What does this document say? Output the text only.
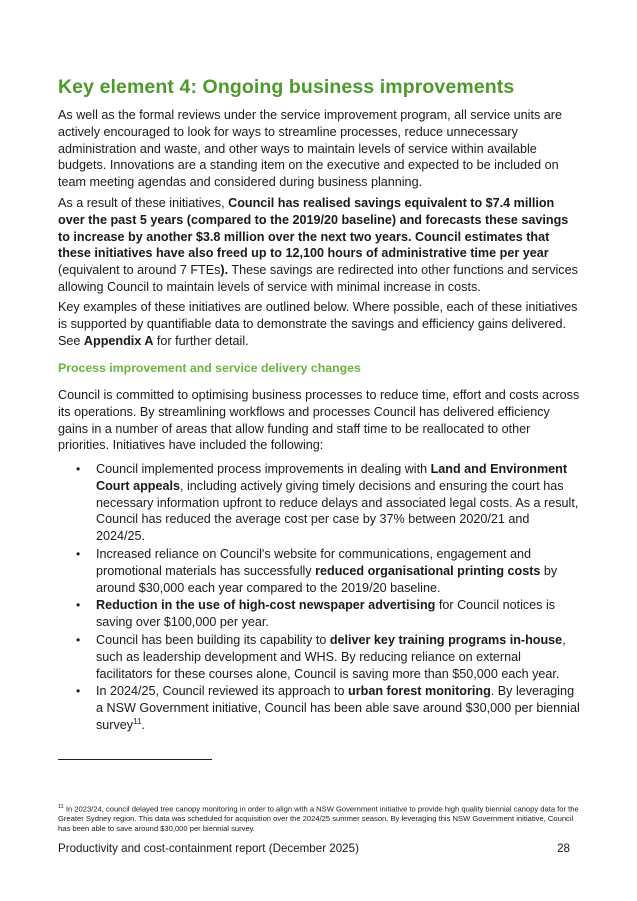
Key element 4: Ongoing business improvements

As well as the formal reviews under the service improvement program, all service units are actively encouraged to look for ways to streamline processes, reduce unnecessary administration and waste, and other ways to maintain levels of service within available budgets. Innovations are a standing item on the executive and expected to be included on team meeting agendas and considered during business planning.

As a result of these initiatives, Council has realised savings equivalent to $7.4 million over the past 5 years (compared to the 2019/20 baseline) and forecasts these savings to increase by another $3.8 million over the next two years. Council estimates that these initiatives have also freed up to 12,100 hours of administrative time per year (equivalent to around 7 FTEs). These savings are redirected into other functions and services allowing Council to maintain levels of service with minimal increase in costs.

Key examples of these initiatives are outlined below. Where possible, each of these initiatives is supported by quantifiable data to demonstrate the savings and efficiency gains delivered. See Appendix A for further detail.

Process improvement and service delivery changes

Council is committed to optimising business processes to reduce time, effort and costs across its operations. By streamlining workflows and processes Council has delivered efficiency gains in a number of areas that allow funding and staff time to be reallocated to other priorities. Initiatives have included the following:

• Council implemented process improvements in dealing with Land and Environment Court appeals, including actively giving timely decisions and ensuring the court has necessary information upfront to reduce delays and associated legal costs. As a result, Council has reduced the average cost per case by 37% between 2020/21 and 2024/25.
• Increased reliance on Council's website for communications, engagement and promotional materials has successfully reduced organisational printing costs by around $30,000 each year compared to the 2019/20 baseline.
• Reduction in the use of high-cost newspaper advertising for Council notices is saving over $100,000 per year.
• Council has been building its capability to deliver key training programs in-house, such as leadership development and WHS. By reducing reliance on external facilitators for these courses alone, Council is saving more than $50,000 each year.
• In 2024/25, Council reviewed its approach to urban forest monitoring. By leveraging a NSW Government initiative, Council has been able save around $30,000 per biennial survey$^{11}$.

$^{11}$ In 2023/24, council delayed tree canopy monitoring in order to align with a NSW Government initiative to provide high quality biennial canopy data for the Greater Sydney region. This data was scheduled for acquisition over the 2024/25 summer season. By leveraging this NSW Government initiative, Council has been able to save around $30,000 per biennial survey.

Productivity and cost-containment report (December 2025)	28
